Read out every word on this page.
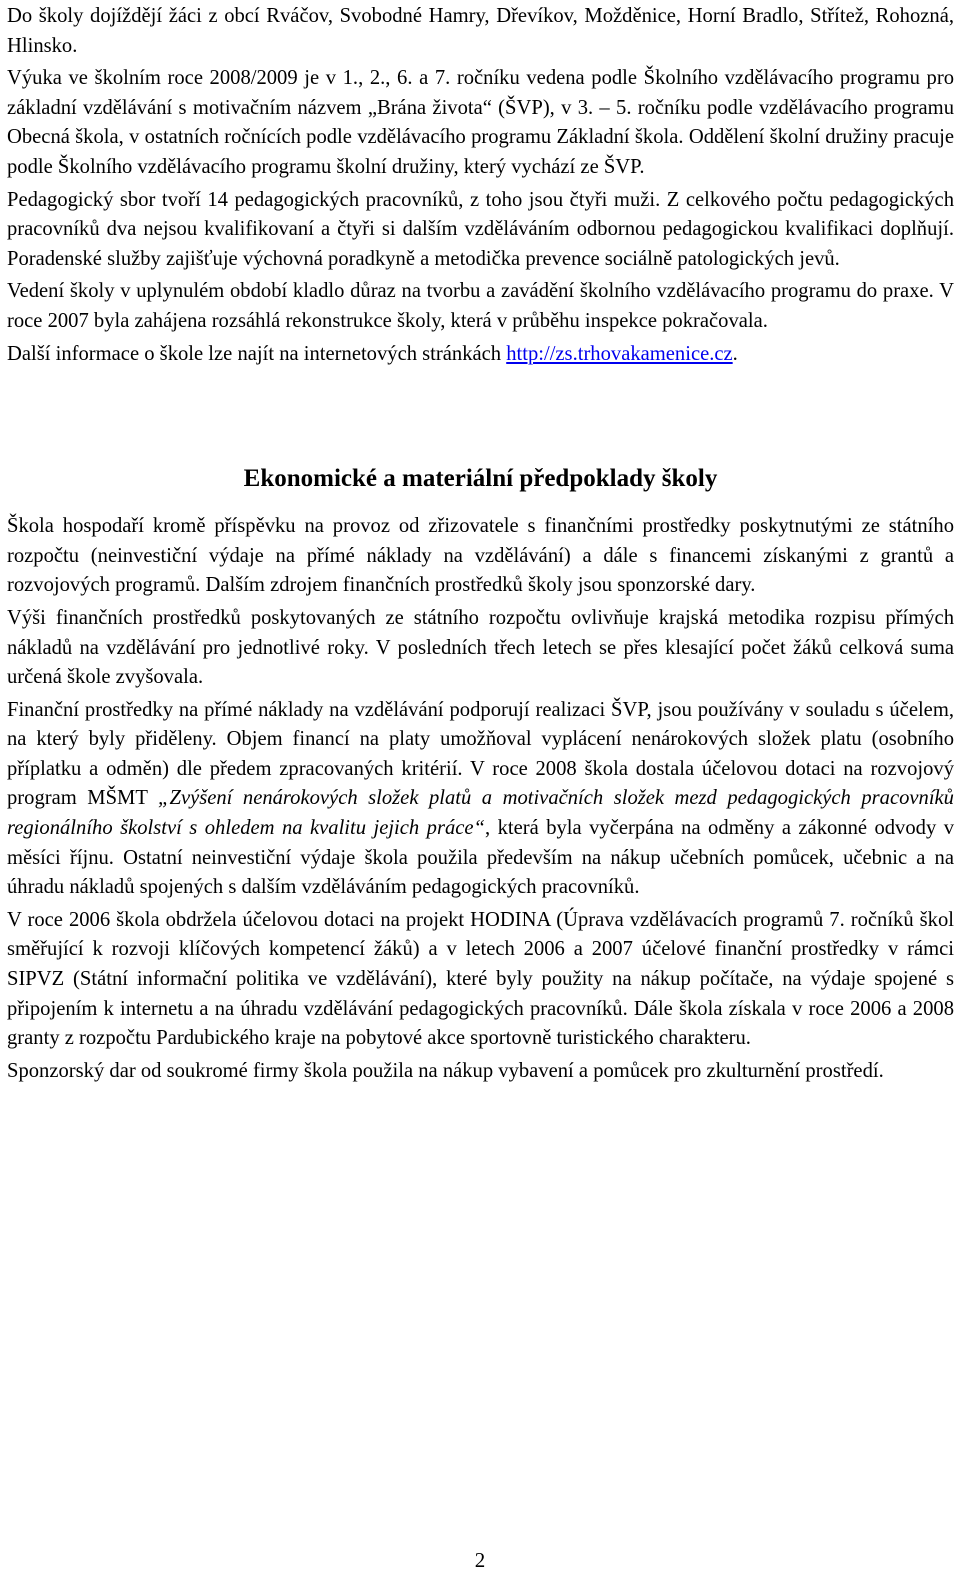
Do školy dojíždějí žáci z obcí Rváčov, Svobodné Hamry, Dřevíkov, Možděnice, Horní Bradlo, Střítež, Rohozná, Hlinsko.

Výuka ve školním roce 2008/2009 je v 1., 2., 6. a 7. ročníku vedena podle Školního vzdělávacího programu pro základní vzdělávání s motivačním názvem „Brána života“ (ŠVP), v 3. – 5. ročníku podle vzdělávacího programu Obecná škola, v ostatních ročnících podle vzdělávacího programu Základní škola. Oddělení školní družiny pracuje podle Školního vzdělávacího programu školní družiny, který vychází ze ŠVP.

Pedagogický sbor tvoří 14 pedagogických pracovníků, z toho jsou čtyři muži. Z celkového počtu pedagogických pracovníků dva nejsou kvalifikovaní a čtyři si dalším vzděláváním odbornou pedagogickou kvalifikaci doplňují. Poradenské služby zajišťuje výchovná poradkyně a metodička prevence sociálně patologických jevů.

Vedení školy v uplynulém období kladlo důraz na tvorbu a zavádění školního vzdělávacího programu do praxe. V roce 2007 byla zahájena rozsáhlá rekonstrukce školy, která v průběhu inspekce pokračovala.

Další informace o škole lze najít na internetových stránkách http://zs.trhovakamenice.cz.

Ekonomické a materiální předpoklady školy

Škola hospodaří kromě příspěvku na provoz od zřizovatele s finančními prostředky poskytnutými ze státního rozpočtu (neinvestiční výdaje na přímé náklady na vzdělávání) a dále s financemi získanými z grantů a rozvojových programů. Dalším zdrojem finančních prostředků školy jsou sponzorské dary.

Výši finančních prostředků poskytovaných ze státního rozpočtu ovlivňuje krajská metodika rozpisu přímých nákladů na vzdělávání pro jednotlivé roky. V posledních třech letech se přes klesající počet žáků celková suma určená škole zvyšovala.

Finanční prostředky na přímé náklady na vzdělávání podporují realizaci ŠVP, jsou používány v souladu s účelem, na který byly přiděleny. Objem financí na platy umožňoval vyplácení nenárokových složek platu (osobního příplatku a odměn) dle předem zpracovaných kritérií. V roce 2008 škola dostala účelovou dotaci na rozvojový program MŠMT „Zvýšení nenárokových složek platů a motivačních složek mezd pedagogických pracovníků regionálního školství s ohledem na kvalitu jejich práce“, která byla vyčerpána na odměny a zákonné odvody v měsíci říjnu. Ostatní neinvestiční výdaje škola použila především na nákup učebních pomůcek, učebnic a na úhradu nákladů spojených s dalším vzděláváním pedagogických pracovníků.

V roce 2006 škola obdržela účelovou dotaci na projekt HODINA (Úprava vzdělávacích programů 7. ročníků škol směřující k rozvoji klíčových kompetencí žáků) a v letech 2006 a 2007 účelové finanční prostředky v rámci SIPVZ (Státní informační politika ve vzdělávání), které byly použity na nákup počítače, na výdaje spojené s připojením k internetu a na úhradu vzdělávání pedagogických pracovníků. Dále škola získala v roce 2006 a 2008 granty z rozpočtu Pardubického kraje na pobytové akce sportovně turistického charakteru.

Sponzorský dar od soukromé firmy škola použila na nákup vybavení a pomůcek pro zkulturnění prostředí.

2
